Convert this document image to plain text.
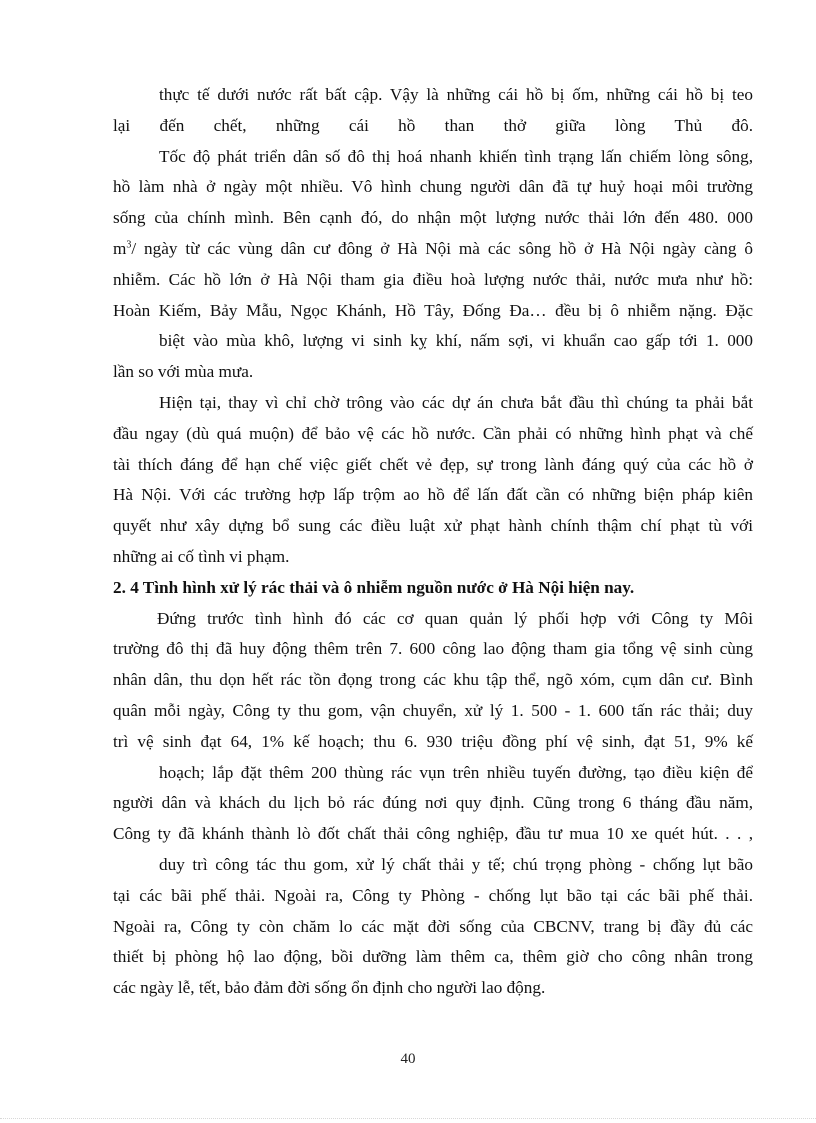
thực tế dưới nước rất bất cập. Vậy là những cái hồ bị ốm, những cái hồ bị teo
lại đến chết, những cái hồ than thở giữa lòng Thủ đô.
Tốc độ phát triển dân số đô thị hoá nhanh khiến tình trạng lấn chiếm lòng sông,
hồ làm nhà ở ngày một nhiều. Vô hình chung người dân đã tự huỷ hoại môi trường
sống của chính mình. Bên cạnh đó, do nhận một lượng nước thải lớn đến 480. 000
$m^3/$ ngày từ các vùng dân cư đông ở Hà Nội mà các sông hồ ở Hà Nội ngày càng ô
nhiễm. Các hồ lớn ở Hà Nội tham gia điều hoà lượng nước thải, nước mưa như hồ:
Hoàn Kiếm, Bảy Mẫu, Ngọc Khánh, Hồ Tây, Đống Đa… đều bị ô nhiễm nặng. Đặc
biệt vào mùa khô, lượng vi sinh kỵ khí, nấm sợi, vi khuẩn cao gấp tới 1. 000
lần so với mùa mưa.
Hiện tại, thay vì chỉ chờ trông vào các dự án chưa bắt đầu thì chúng ta phải bắt
đầu ngay (dù quá muộn) để bảo vệ các hồ nước. Cần phải có những hình phạt và chế
tài thích đáng để hạn chế việc giết chết vẻ đẹp, sự trong lành đáng quý của các hồ ở
Hà Nội. Với các trường hợp lấp trộm ao hồ để lấn đất cần có những biện pháp kiên
quyết như xây dựng bổ sung các điều luật xử phạt hành chính thậm chí phạt tù với
những ai cố tình vi phạm.
2. 4 Tình hình xử lý rác thải và ô nhiễm nguồn nước ở Hà Nội hiện nay.
Đứng trước tình hình đó các cơ quan quản lý phối hợp với Công ty Môi
trường đô thị đã huy động thêm trên 7. 600 công lao động tham gia tổng vệ sinh cùng
nhân dân, thu dọn hết rác tồn đọng trong các khu tập thể, ngõ xóm, cụm dân cư. Bình
quân mỗi ngày, Công ty thu gom, vận chuyển, xử lý 1. 500 - 1. 600 tấn rác thải; duy
trì vệ sinh đạt 64, 1% kế hoạch; thu 6. 930 triệu đồng phí vệ sinh, đạt 51, 9% kế
hoạch; lắp đặt thêm 200 thùng rác vụn trên nhiều tuyến đường, tạo điều kiện để
người dân và khách du lịch bỏ rác đúng nơi quy định. Cũng trong 6 tháng đầu năm,
Công ty đã khánh thành lò đốt chất thải công nghiệp, đầu tư mua 10 xe quét hút. . . ,
duy trì công tác thu gom, xử lý chất thải y tế; chú trọng phòng - chống lụt bão
tại các bãi phế thải. Ngoài ra, Công ty Phòng - chống lụt bão tại các bãi phế thải.
Ngoài ra, Công ty còn chăm lo các mặt đời sống của CBCNV, trang bị đầy đủ các
thiết bị phòng hộ lao động, bồi dưỡng làm thêm ca, thêm giờ cho công nhân trong
các ngày lễ, tết, bảo đảm đời sống ổn định cho người lao động.
40
